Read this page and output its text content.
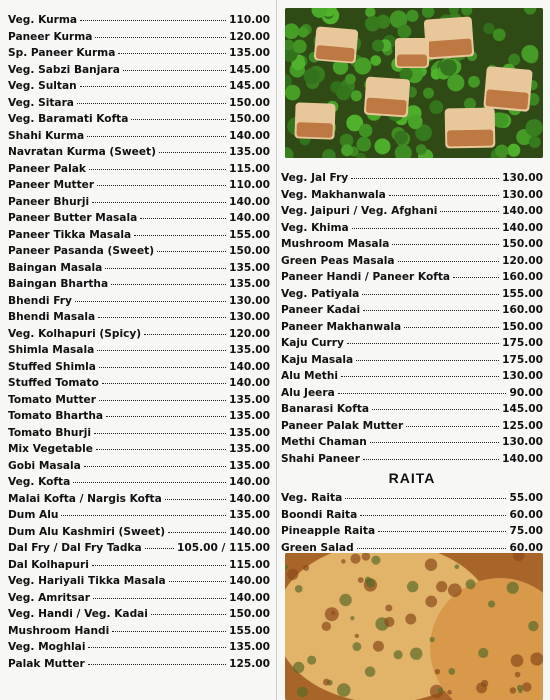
Veg. Kurma	110.00
Paneer Kurma	120.00
Sp. Paneer Kurma	135.00
Veg. Sabzi Banjara	145.00
Veg. Sultan	145.00
Veg. Sitara	150.00
Veg. Baramati Kofta	150.00
Shahi Kurma	140.00
Navratan Kurma (Sweet)	135.00
Paneer Palak	115.00
Paneer Mutter	110.00
Paneer Bhurji	140.00
Paneer Butter Masala	140.00
Paneer Tikka Masala	155.00
Paneer Pasanda (Sweet)	150.00
Baingan Masala	135.00
Baingan Bhartha	135.00
Bhendi Fry	130.00
Bhendi Masala	130.00
Veg. Kolhapuri (Spicy)	120.00
Shimla Masala	135.00
Stuffed Shimla	140.00
Stuffed Tomato	140.00
Tomato Mutter	135.00
Tomato Bhartha	135.00
Tomato Bhurji	135.00
Mix Vegetable	135.00
Gobi Masala	135.00
Veg. Kofta	140.00
Malai Kofta / Nargis Kofta	140.00
Dum Alu	135.00
Dum Alu Kashmiri (Sweet)	140.00
Dal Fry / Dal Fry Tadka	105.00 / 115.00
Dal Kolhapuri	115.00
Veg. Hariyali Tikka Masala	140.00
Veg. Amritsar	140.00
Veg. Handi / Veg. Kadai	150.00
Mushroom Handi	155.00
Veg. Moghlai	135.00
Palak Mutter	125.00
Veg. Jal Fry	130.00
Veg. Makhanwala	130.00
Veg. Jaipuri / Veg. Afghani	140.00
Veg. Khima	140.00
Mushroom Masala	150.00
Green Peas Masala	120.00
Paneer Handi / Paneer Kofta	160.00
Veg. Patiyala	155.00
Paneer Kadai	160.00
Paneer Makhanwala	150.00
Kaju Curry	175.00
Kaju Masala	175.00
Alu Methi	130.00
Alu Jeera	90.00
Banarasi Kofta	145.00
Paneer Palak Mutter	125.00
Methi Chaman	130.00
Shahi Paneer	140.00
RAITA
Veg. Raita	55.00
Boondi Raita	60.00
Pineapple Raita	75.00
Green Salad	60.00
